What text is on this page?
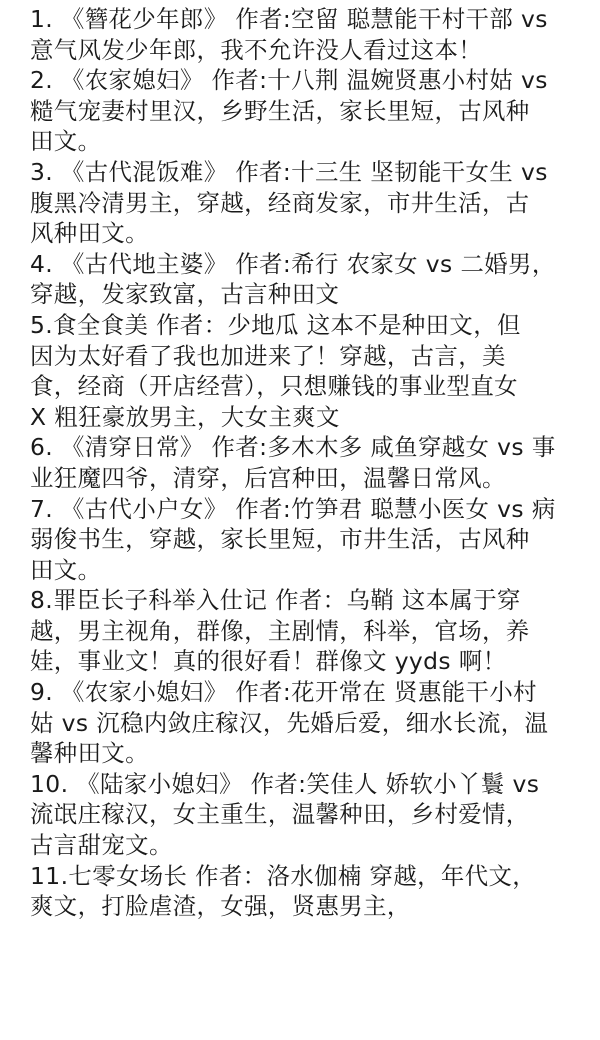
1. 《簪花少年郎》 作者:空留 聪慧能干村干部 vs
意气风发少年郎，我不允许没人看过这本！
2. 《农家媳妇》 作者:十八荆 温婉贤惠小村姑 vs
糙气宠妻村里汉，乡野生活，家长里短，古风种
田文。
3. 《古代混饭难》 作者:十三生 坚韧能干女生 vs
腹黑冷清男主，穿越，经商发家，市井生活，古
风种田文。
4. 《古代地主婆》 作者:希行 农家女 vs 二婚男，
穿越，发家致富，古言种田文
5.食全食美 作者：少地瓜 这本不是种田文，但
因为太好看了我也加进来了！穿越，古言，美
食，经商（开店经营），只想赚钱的事业型直女
X 粗狂豪放男主，大女主爽文
6. 《清穿日常》 作者:多木木多 咸鱼穿越女 vs 事
业狂魔四爷，清穿，后宫种田，温馨日常风。
7. 《古代小户女》 作者:竹笋君 聪慧小医女 vs 病
弱俊书生，穿越，家长里短，市井生活，古风种
田文。
8.罪臣长子科举入仕记 作者：乌鞘 这本属于穿
越，男主视角，群像，主剧情，科举，官场，养
娃，事业文！真的很好看！群像文 yyds 啊！
9. 《农家小媳妇》 作者:花开常在 贤惠能干小村
姑 vs 沉稳内敛庄稼汉，先婚后爱，细水长流，温
馨种田文。
10. 《陆家小媳妇》 作者:笑佳人 娇软小丫鬟 vs
流氓庄稼汉，女主重生，温馨种田，乡村爱情，
古言甜宠文。
11.七零女场长 作者：洛水伽楠 穿越，年代文，
爽文，打脸虐渣，女强，贤惠男主，
